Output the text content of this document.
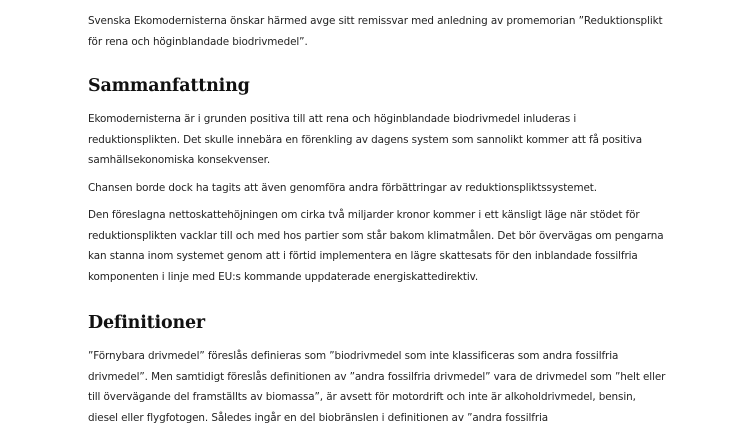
Svenska Ekomodernisterna önskar härmed avge sitt remissvar med anledning av promemorian ”Reduktionsplikt för rena och höginblandade biodrivmedel”.

Sammanfattning

Ekomodernisterna är i grunden positiva till att rena och höginblandade biodrivmedel inluderas i reduktionsplikten. Det skulle innebära en förenkling av dagens system som sannolikt kommer att få positiva samhällsekonomiska konsekvenser.

Chansen borde dock ha tagits att även genomföra andra förbättringar av reduktionspliktssystemet.

Den föreslagna nettoskattehöjningen om cirka två miljarder kronor kommer i ett känsligt läge när stödet för reduktionsplikten vacklar till och med hos partier som står bakom klimatmålen. Det bör övervägas om pengarna kan stanna inom systemet genom att i förtid implementera en lägre skattesats för den inblandade fossilfria komponenten i linje med EU:s kommande uppdaterade energiskattedirektiv.

Definitioner

”Förnybara drivmedel” föreslås definieras som ”biodrivmedel som inte klassificeras som andra fossilfria drivmedel”. Men samtidigt föreslås definitionen av ”andra fossilfria drivmedel” vara de drivmedel som ”helt eller till övervägande del framställts av biomassa”, är avsett för motordrift och inte är alkoholdrivmedel, bensin, diesel eller flygfotogen. Således ingår en del biobränslen i definitionen av ”andra fossilfria
